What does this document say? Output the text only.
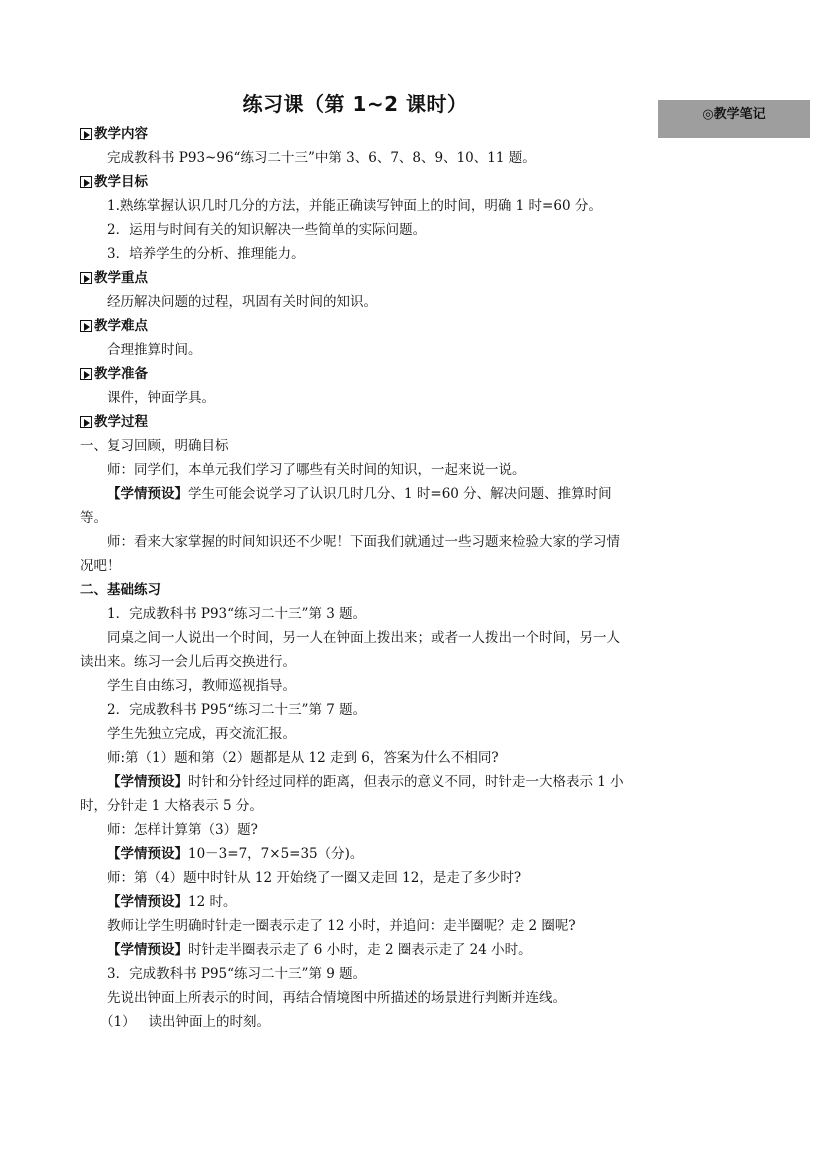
练习课（第 1~2 课时）	◎教学笔记

教学内容

完成教科书 P93~96“练习二十三”中第 3、6、7、8、9、10、11 题。

教学目标

1.熟练掌握认识几时几分的方法，并能正确读写钟面上的时间，明确 1 时=60 分。

2．运用与时间有关的知识解决一些简单的实际问题。

3．培养学生的分析、推理能力。

教学重点

经历解决问题的过程，巩固有关时间的知识。

教学难点

合理推算时间。

教学准备

课件，钟面学具。

教学过程

一、复习回顾，明确目标

师：同学们，本单元我们学习了哪些有关时间的知识，一起来说一说。

【学情预设】学生可能会说学习了认识几时几分、1 时=60 分、解决问题、推算时间等。

师：看来大家掌握的时间知识还不少呢！下面我们就通过一些习题来检验大家的学习情况吧！

二、基础练习

1．完成教科书 P93“练习二十三”第 3 题。

同桌之间一人说出一个时间，另一人在钟面上拨出来；或者一人拨出一个时间，另一人读出来。练习一会儿后再交换进行。

学生自由练习，教师巡视指导。

2．完成教科书 P95“练习二十三”第 7 题。

学生先独立完成，再交流汇报。

师:第（1）题和第（2）题都是从 12 走到 6，答案为什么不相同?

【学情预设】时针和分针经过同样的距离，但表示的意义不同，时针走一大格表示 1 小时，分针走 1 大格表示 5 分。

师：怎样计算第（3）题?

【学情预设】10－3=7，7×5=35（分)。

师：第（4）题中时针从 12 开始绕了一圈又走回 12，是走了多少时?

【学情预设】12 时。

教师让学生明确时针走一圈表示走了 12 小时，并追问：走半圈呢？走 2 圈呢?

【学情预设】时针走半圈表示走了 6 小时，走 2 圈表示走了 24 小时。

3．完成教科书 P95“练习二十三”第 9 题。

先说出钟面上所表示的时间，再结合情境图中所描述的场景进行判断并连线。

（1） 读出钟面上的时刻。
